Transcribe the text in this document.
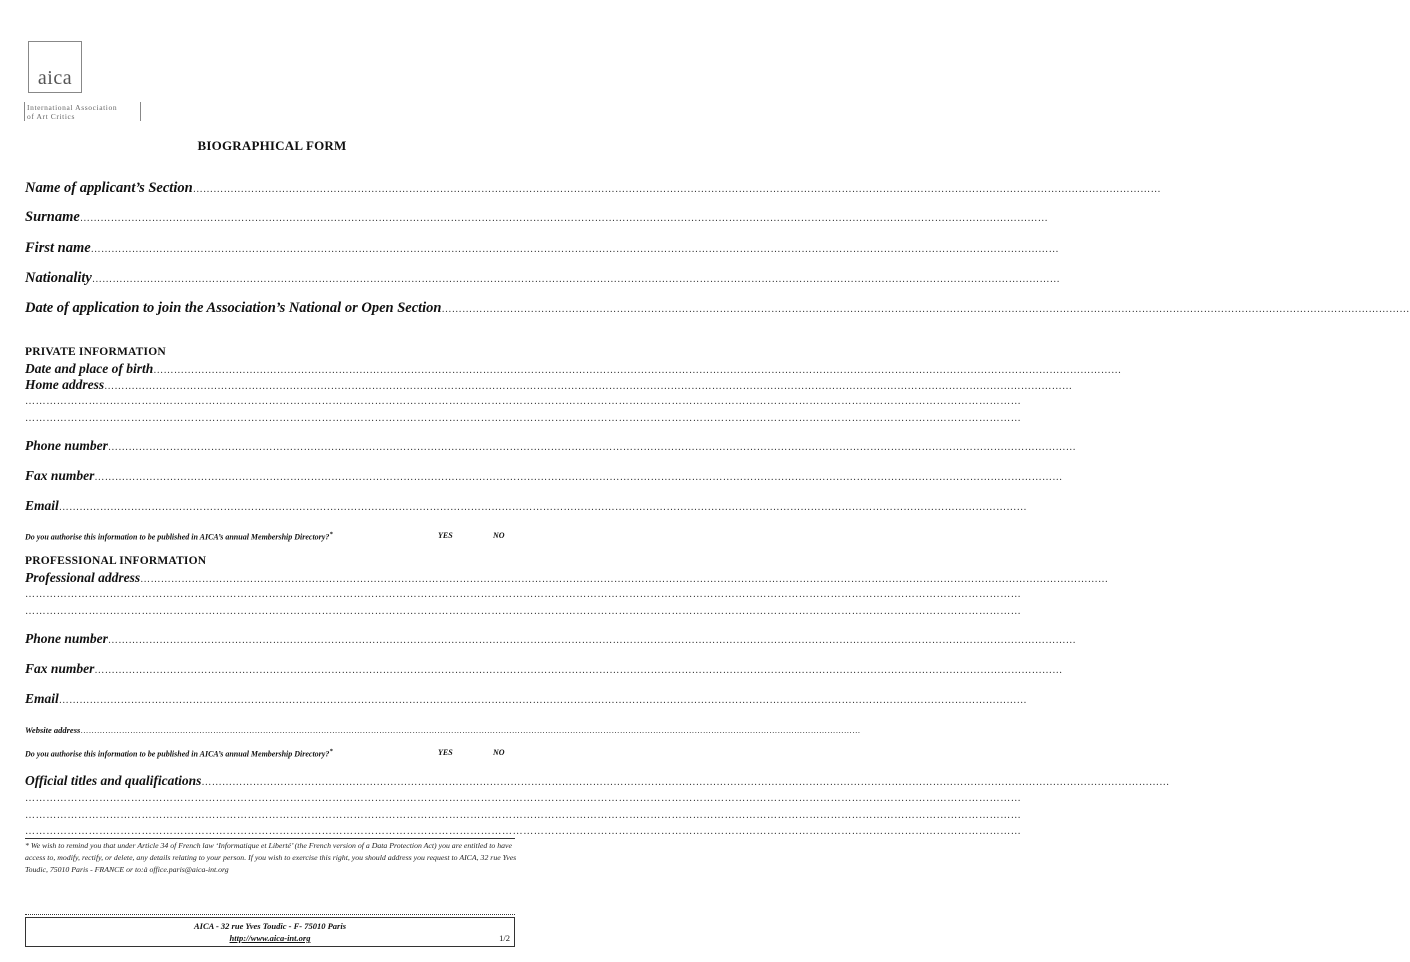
aica
International Association
of Art Critics
BIOGRAPHICAL FORM
Name of applicant’s Section …………………………………………………………………………………………………………………………………………………………………………………………………………………………………………………………
Surname …………………………………………………………………………………………………………………………………………………………………………………………………………………………………………………………
First name …………………………………………………………………………………………………………………………………………………………………………………………………………………………………………………………
Nationality …………………………………………………………………………………………………………………………………………………………………………………………………………………………………………………………
Date of application to join the Association’s National or Open Section …………………………………………………………………………………………………………………………………………………………………………………………………………………………………………………………
PRIVATE INFORMATION
Date and place of birth …………………………………………………………………………………………………………………………………………………………………………………………………………………………………………………………
Home address …………………………………………………………………………………………………………………………………………………………………………………………………………………………………………………………
…………………………………………………………………………………………………………………………………………………………………………………………………………………………………………………………
…………………………………………………………………………………………………………………………………………………………………………………………………………………………………………………………
Phone number …………………………………………………………………………………………………………………………………………………………………………………………………………………………………………………………
Fax number …………………………………………………………………………………………………………………………………………………………………………………………………………………………………………………………
Email …………………………………………………………………………………………………………………………………………………………………………………………………………………………………………………………
Do you authorise this information to be published in AICA’s annual Membership Directory?*	YES	NO
PROFESSIONAL INFORMATION
Professional address …………………………………………………………………………………………………………………………………………………………………………………………………………………………………………………………
…………………………………………………………………………………………………………………………………………………………………………………………………………………………………………………………
…………………………………………………………………………………………………………………………………………………………………………………………………………………………………………………………
Phone number …………………………………………………………………………………………………………………………………………………………………………………………………………………………………………………………
Fax number …………………………………………………………………………………………………………………………………………………………………………………………………………………………………………………………
Email …………………………………………………………………………………………………………………………………………………………………………………………………………………………………………………………
Website address …………………………………………………………………………………………………………………………………………………………………………………………………………………………………………………………
Do you authorise this information to be published in AICA’s annual Membership Directory?*	YES	NO
Official titles and qualifications …………………………………………………………………………………………………………………………………………………………………………………………………………………………………………………………
…………………………………………………………………………………………………………………………………………………………………………………………………………………………………………………………
…………………………………………………………………………………………………………………………………………………………………………………………………………………………………………………………
…………………………………………………………………………………………………………………………………………………………………………………………………………………………………………………………
* We wish to remind you that under Article 34 of French law ‘Informatique et Liberté’ (the French version of a Data Protection Act) you are entitled to have access to, modify, rectify, or delete, any details relating to your person. If you wish to exercise this right, you should address you request to AICA, 32 rue Yves Toudic, 75010 Paris - FRANCE or to:à office.paris@aica-int.org
AICA - 32 rue Yves Toudic - F- 75010 Paris
http://www.aica-int.org	1/2
